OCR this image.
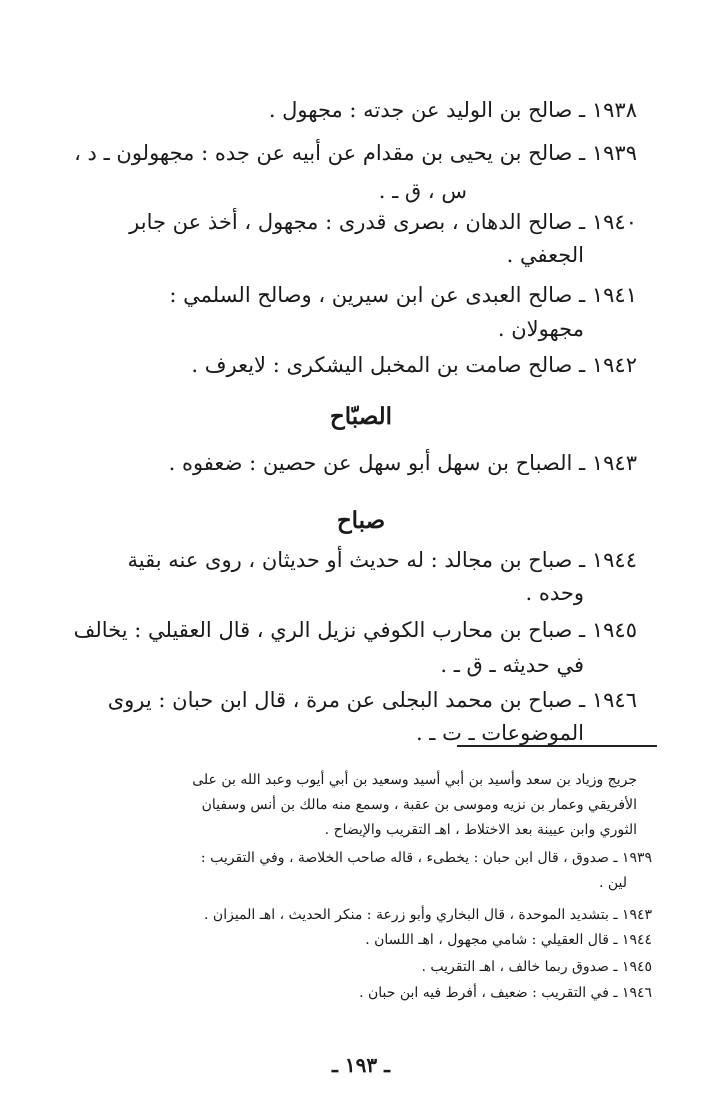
١٩٣٨ ـ صالح بن الوليد عن جدته : مجهول .
١٩٣٩ ـ صالح بن يحيى بن مقدام عن أبيه عن جده : مجهولون ـ د ،
س ، ق ـ .
١٩٤٠ ـ صالح الدهان ، بصرى قدرى : مجهول ، أخذ عن جابر
الجعفي .
١٩٤١ ـ صالح العبدى عن ابن سيرين ، وصالح السلمي :
مجهولان .
١٩٤٢ ـ صالح صامت بن المخبل اليشكرى : لايعرف .
الصبّاح
١٩٤٣ ـ الصباح بن سهل أبو سهل عن حصين : ضعفوه .
صباح
١٩٤٤ ـ صباح بن مجالد : له حديث أو حديثان ، روى عنه بقية
وحده .
١٩٤٥ ـ صباح بن محارب الكوفي نزيل الري ، قال العقيلي : يخالف
في حديثه ـ ق ـ .
١٩٤٦ ـ صباح بن محمد البجلى عن مرة ، قال ابن حبان : يروى
الموضوعات ـ ت ـ .
جريج وزياد بن سعد وأسيد بن أبي أسيد وسعيد بن أبي أيوب وعبد الله بن على
الأفريقي وعمار بن نزيه وموسى بن عقبة ، وسمع منه مالك بن أنس وسفيان
الثوري وابن عيينة بعد الاختلاط ، اهـ التقريب والإيضاح .
١٩٣٩ ـ صدوق ، قال ابن حبان : يخطىء ، قاله صاحب الخلاصة ، وفي التقريب :
لين .
١٩٤٣ ـ بتشديد الموحدة ، قال البخاري وأبو زرعة : منكر الحديث ، اهـ الميزان .
١٩٤٤ ـ قال العقيلي : شامي مجهول ، اهـ اللسان .
١٩٤٥ ـ صدوق ربما خالف ، اهـ التقريب .
١٩٤٦ ـ في التقريب : ضعيف ، أفرط فيه ابن حبان .
ـ ١٩٣ ـ
